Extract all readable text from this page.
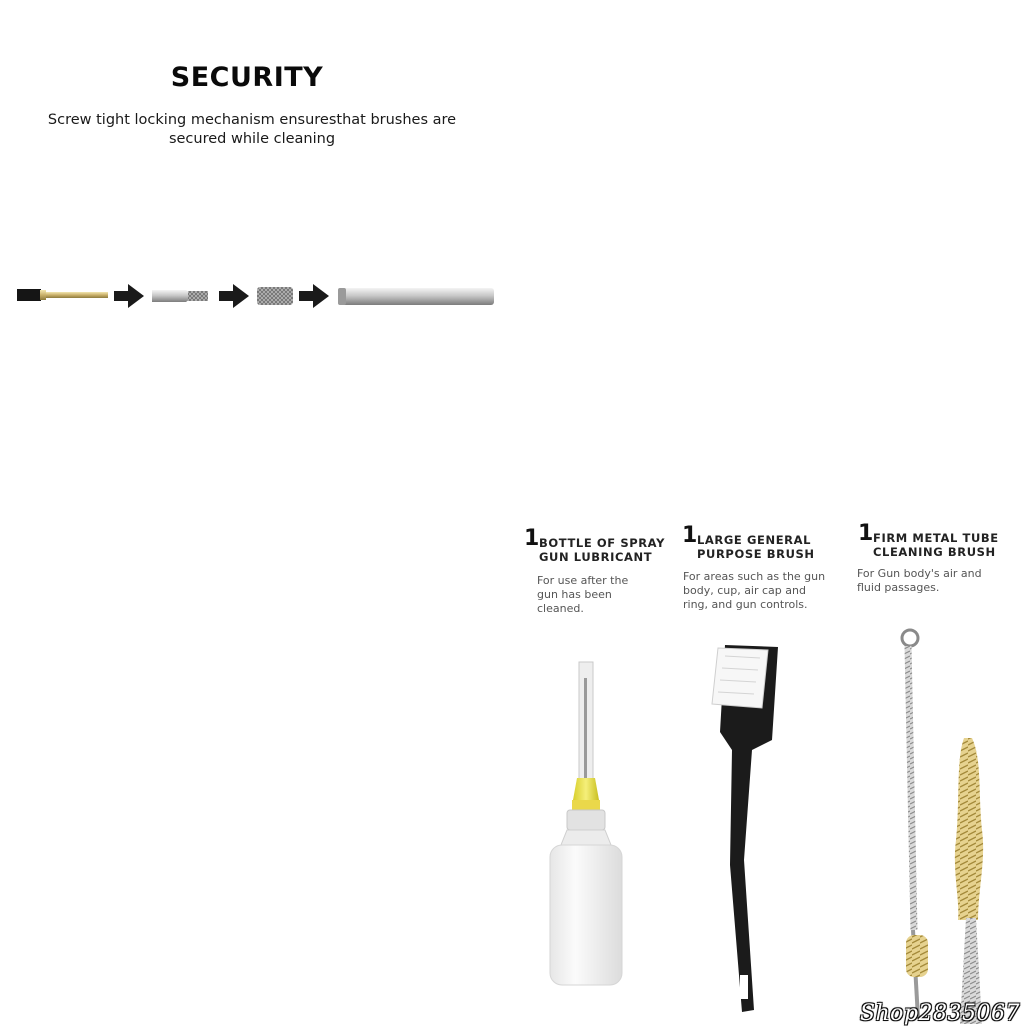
SECURITY
Screw tight locking mechanism ensuresthat brushes are
secured while cleaning
1 BOTTLE OF SPRAY
GUN LUBRICANT
For use after the
gun has been
cleaned.
1 LARGE GENERAL
PURPOSE BRUSH
For areas such as the gun
body, cup, air cap and
ring, and gun controls.
1 FIRM METAL TUBE
CLEANING BRUSH
For Gun body's air and
fluid passages.
Shop2835067
